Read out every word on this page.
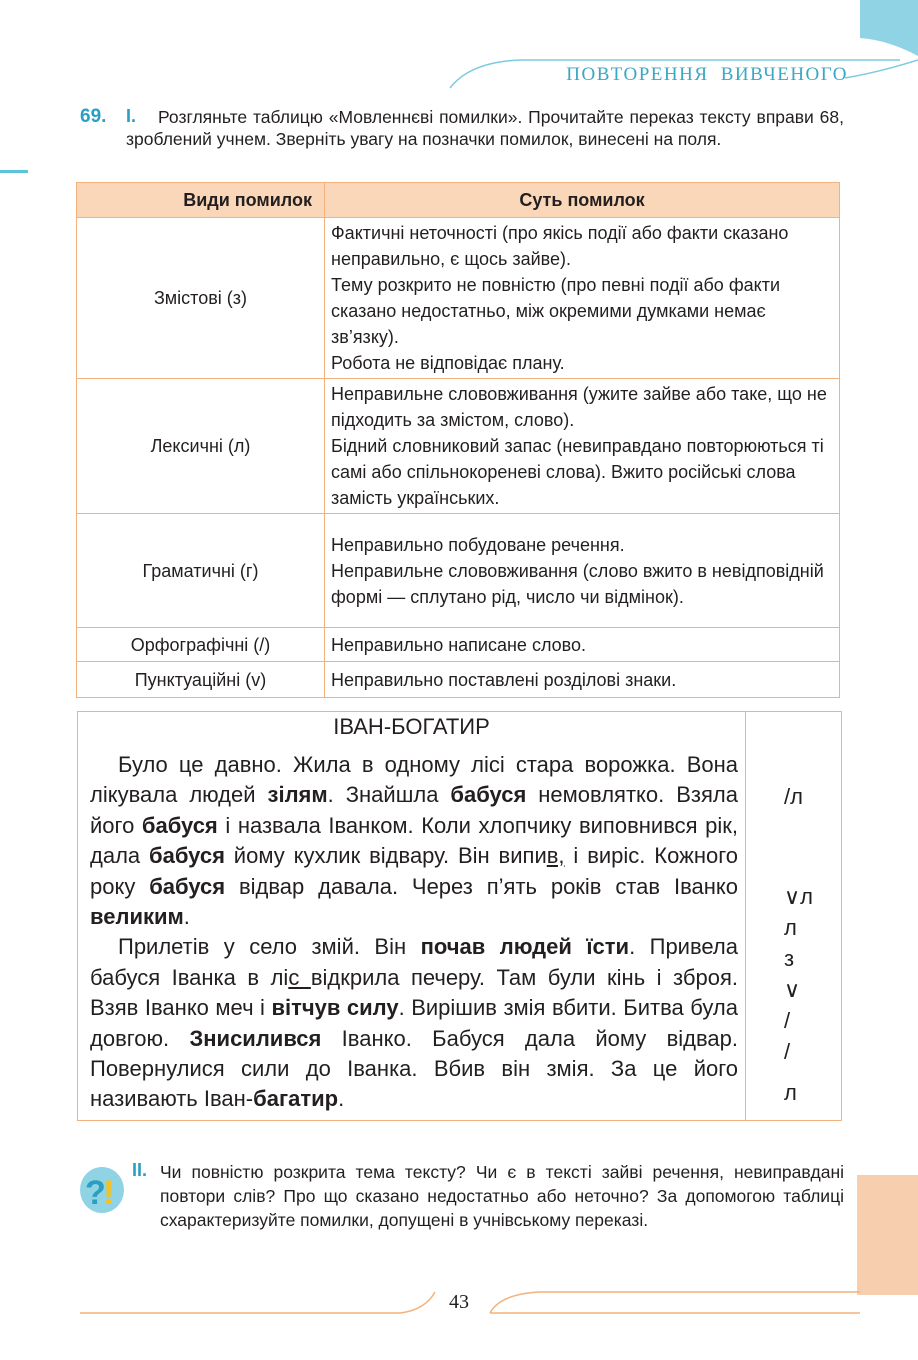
ПОВТОРЕННЯ ВИВЧЕНОГО
69.	Розгляньте таблицю «Мовленнєві помилки». Прочитайте переказ тексту вправи 68, зроблений учнем. Зверніть увагу на позначки помилок, винесені на поля.
І.
Види помилок	Суть помилок
Змістові (з)	Фактичні неточності (про якісь події або факти сказано неправильно, є щось зайве).
Тему розкрито не повністю (про певні події або факти сказано недостатньо, між окремими думками немає зв’язку).
Робота не відповідає плану.

Лексичні (л)	Неправильне слововживання (ужите зайве або таке, що не підходить за змістом, слово).
Бідний словниковий запас (невиправдано повторюються ті самі або спільнокореневі слова). Вжито російські слова замість українських.

Граматичні (г)	Неправильно побудоване речення.
Неправильне слововживання (слово вжито в невідповідній формі — сплутано рід, число чи відмінок).

Орфографічні (/)	Неправильно написане слово.
Пунктуаційні (v)	Неправильно поставлені розділові знаки.
ІВАН-БОГАТИР

Було це давно. Жила в одному лісі стара ворожка. Вона лікувала людей зілям. Знайшла бабуся немовлятко. Взяла його бабуся і назвала Іванком. Коли хлопчику виповнився рік, дала бабуся йому кухлик відвару. Він випив, і виріс. Кожного року бабуся відвар давала. Через п’ять років став Іванко великим.

Прилетів у село змій. Він почав людей їсти. Привела бабуся Іванка в ліс відкрила печеру. Там були кінь і зброя. Взяв Іванко меч і вітчув силу. Вирішив змія вбити. Битва була довгою. Знисилився Іванко. Бабуся дала йому відвар. Повернулися сили до Іванка. Вбив він змія. За це його називають Іван-багатир.

/л
∨л
л
з
∨
/
/
л
?
!
ІІ. Чи повністю розкрита тема тексту? Чи є в тексті зайві речення, невиправдані повтори слів? Про що сказано недостатньо або неточно? За допомогою таблиці схарактеризуйте помилки, допущені в учнівському переказі.
43
